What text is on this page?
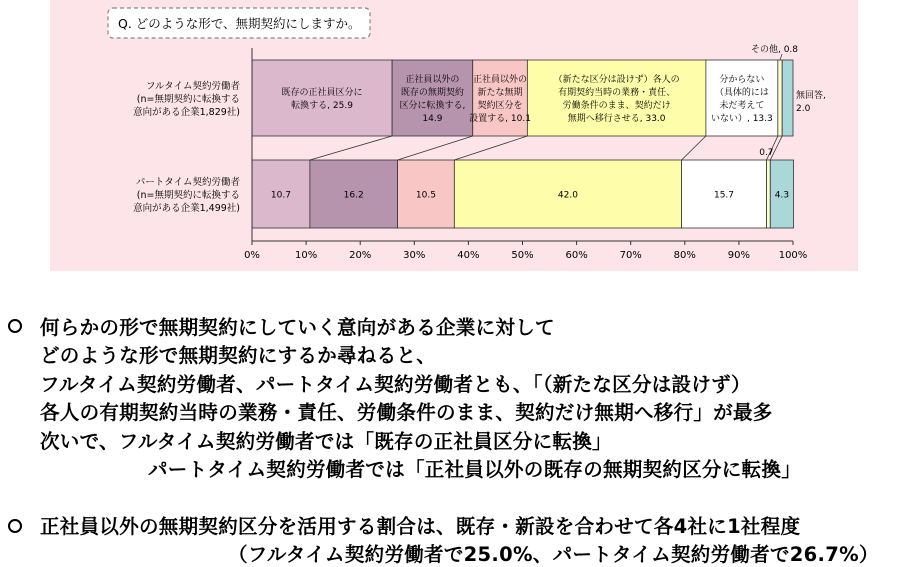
Q. どのような形で、無期契約にしますか。
フルタイム契約労働者
(n=無期契約に転換する
意向がある企業1,829社)
パートタイム契約労働者
(n=無期契約に転換する
意向がある企業1,499社)
既存の正社員区分に
転換する, 25.9
正社員以外の
既存の無期契約
区分に転換する,
14.9
正社員以外の
新たな無期
契約区分を
設置する, 10.1
（新たな区分は設けず）各人の
有期契約当時の業務・責任、
労働条件のまま、契約だけ
無期へ移行させる, 33.0
分からない
（具体的には
未だ考えて
いない）, 13.3
その他, 0.8
無回答,
2.0
10.7	16.2	10.5	42.0	15.7
0.7
4.3
0%	10%	20%	30%	40%	50%	60%	70%	80%	90%	100%
何らかの形で無期契約にしていく意向がある企業に対して
どのような形で無期契約にするか尋ねると、
フルタイム契約労働者、パートタイム契約労働者とも、「（新たな区分は設けず）
各人の有期契約当時の業務・責任、労働条件のまま、契約だけ無期へ移行」が最多
次いで、フルタイム契約労働者では「既存の正社員区分に転換」
パートタイム契約労働者では「正社員以外の既存の無期契約区分に転換」
正社員以外の無期契約区分を活用する割合は、既存・新設を合わせて各4社に1社程度
（フルタイム契約労働者で25.0%、パートタイム契約労働者で26.7%）
